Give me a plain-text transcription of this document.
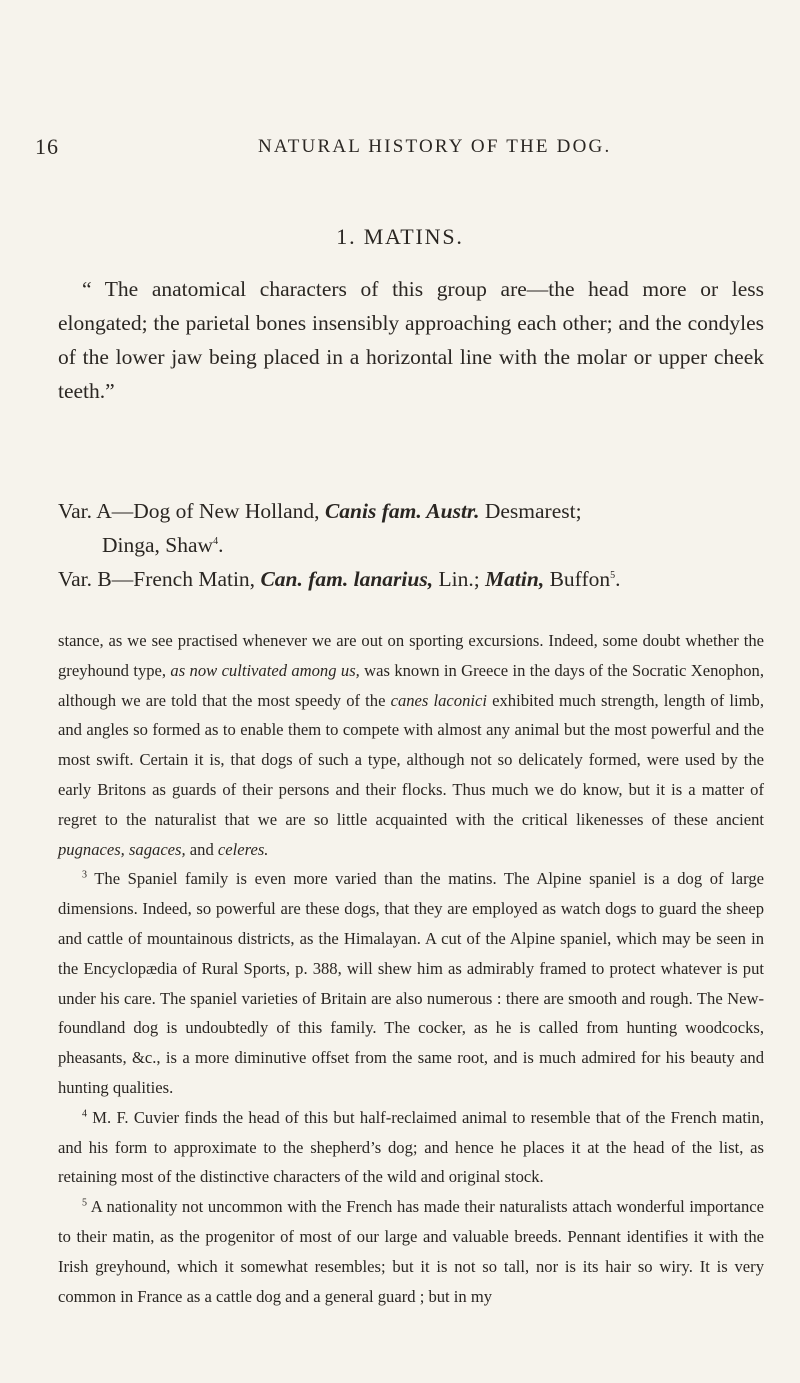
16	NATURAL HISTORY OF THE DOG.
1. MATINS.

“ The anatomical characters of this group are—the head more or less elongated; the parietal bones insensibly approaching each other; and the condyles of the lower jaw being placed in a horizontal line with the molar or upper cheek teeth.”

Var. A—Dog of New Holland, Canis fam. Austr. Desmarest;
Dinga, Shaw$^4$.
Var. B—French Matin, Can. fam. lanarius, Lin.; Matin, Buffon$^5$.

stance, as we see practised whenever we are out on sporting excursions. Indeed, some doubt whether the greyhound type, as now cultivated among us, was known in Greece in the days of the Socratic Xenophon, although we are told that the most speedy of the canes laconici exhibited much strength, length of limb, and angles so formed as to enable them to compete with almost any animal but the most powerful and the most swift. Certain it is, that dogs of such a type, although not so delicately formed, were used by the early Britons as guards of their persons and their flocks. Thus much we do know, but it is a matter of regret to the naturalist that we are so little acquainted with the critical likenesses of these ancient pugnaces, sagaces, and celeres.

$^3$ The Spaniel family is even more varied than the matins. The Alpine spaniel is a dog of large dimensions. Indeed, so powerful are these dogs, that they are employed as watch dogs to guard the sheep and cattle of mountainous districts, as the Himalayan. A cut of the Alpine spaniel, which may be seen in the Encyclopædia of Rural Sports, p. 388, will shew him as admirably framed to protect whatever is put under his care. The spaniel varieties of Britain are also numerous : there are smooth and rough. The Newfoundland dog is undoubtedly of this family. The cocker, as he is called from hunting woodcocks, pheasants, &c., is a more diminutive offset from the same root, and is much admired for his beauty and hunting qualities.

$^4$ M. F. Cuvier finds the head of this but half-reclaimed animal to resemble that of the French matin, and his form to approximate to the shepherd’s dog; and hence he places it at the head of the list, as retaining most of the distinctive characters of the wild and original stock.

$^5$ A nationality not uncommon with the French has made their naturalists attach wonderful importance to their matin, as the progenitor of most of our large and valuable breeds. Pennant identifies it with the Irish greyhound, which it somewhat resembles; but it is not so tall, nor is its hair so wiry. It is very common in France as a cattle dog and a general guard ; but in my
